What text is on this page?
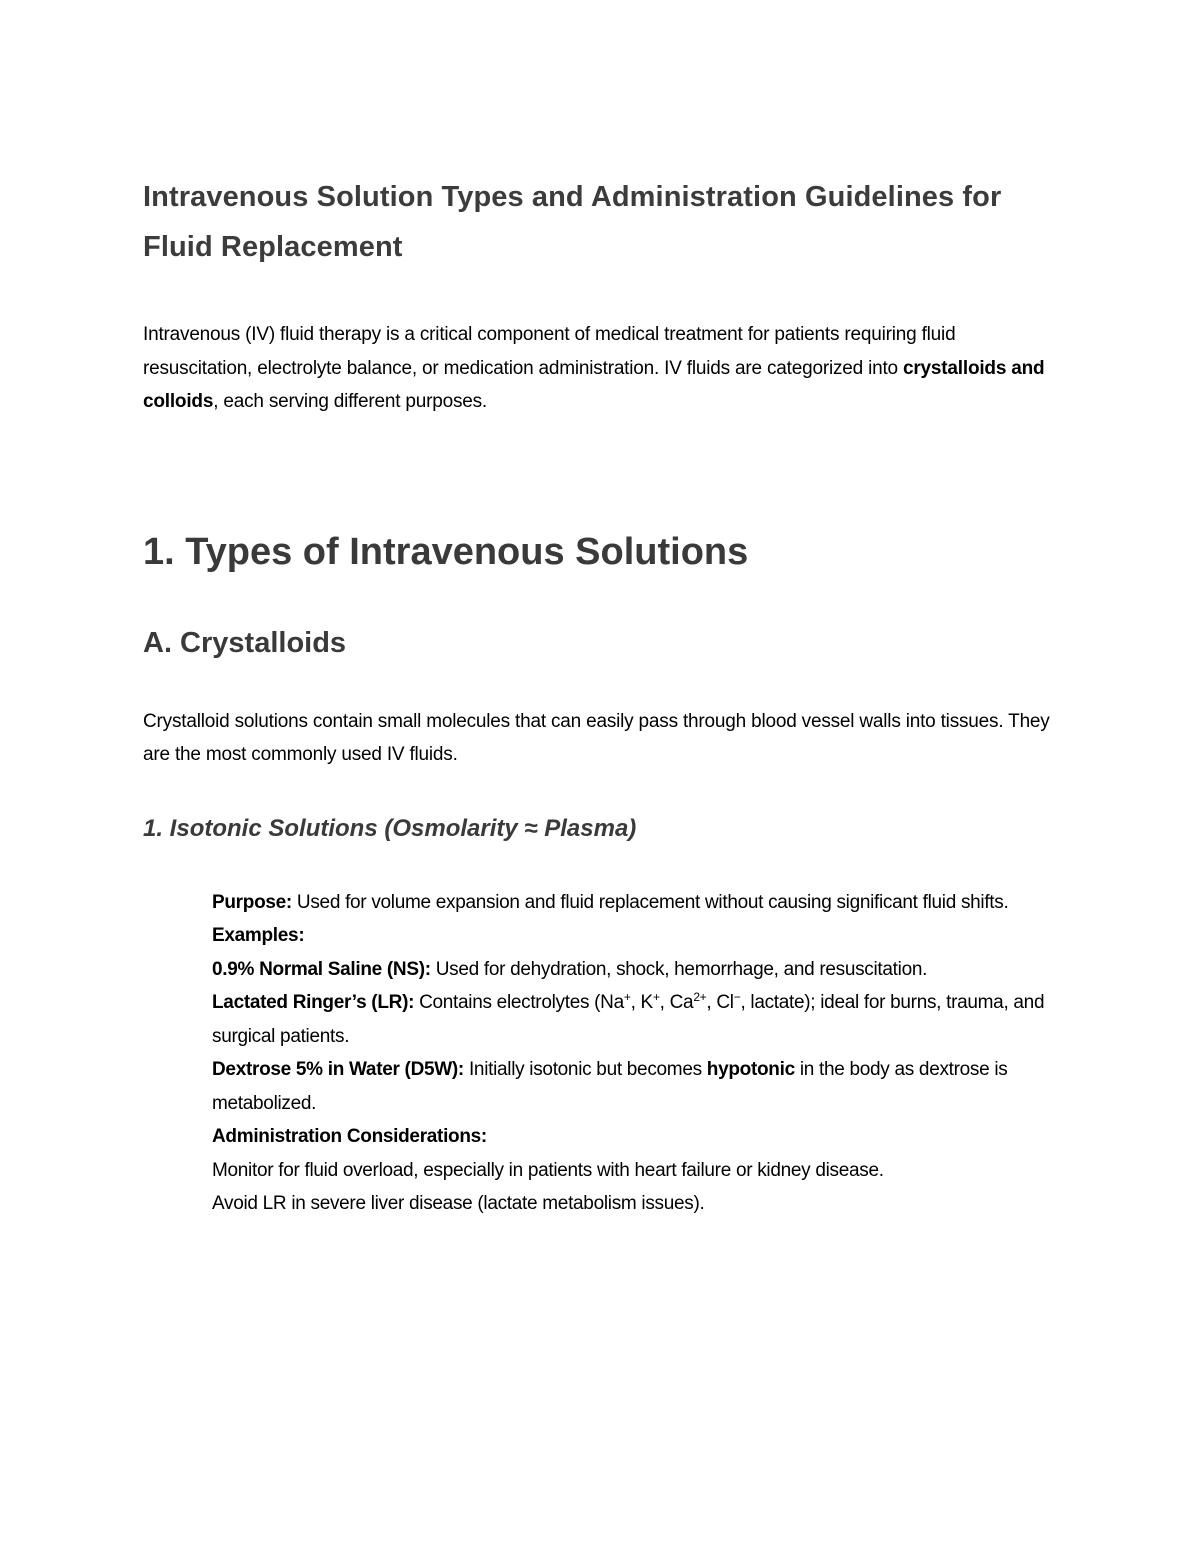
Intravenous Solution Types and Administration Guidelines for Fluid Replacement

Intravenous (IV) fluid therapy is a critical component of medical treatment for patients requiring fluid resuscitation, electrolyte balance, or medication administration. IV fluids are categorized into crystalloids and colloids, each serving different purposes.

1. Types of Intravenous Solutions
A. Crystalloids

Crystalloid solutions contain small molecules that can easily pass through blood vessel walls into tissues. They are the most commonly used IV fluids.

1. Isotonic Solutions (Osmolarity ≈ Plasma)

Purpose: Used for volume expansion and fluid replacement without causing significant fluid shifts.

Examples:

0.9% Normal Saline (NS): Used for dehydration, shock, hemorrhage, and resuscitation.

Lactated Ringer’s (LR): Contains electrolytes (Na+, K+, $Ca^{2+}$, Cl−, lactate); ideal for burns, trauma, and surgical patients.

Dextrose 5% in Water (D5W): Initially isotonic but becomes hypotonic in the body as dextrose is metabolized.

Administration Considerations:

Monitor for fluid overload, especially in patients with heart failure or kidney disease.

Avoid LR in severe liver disease (lactate metabolism issues).
